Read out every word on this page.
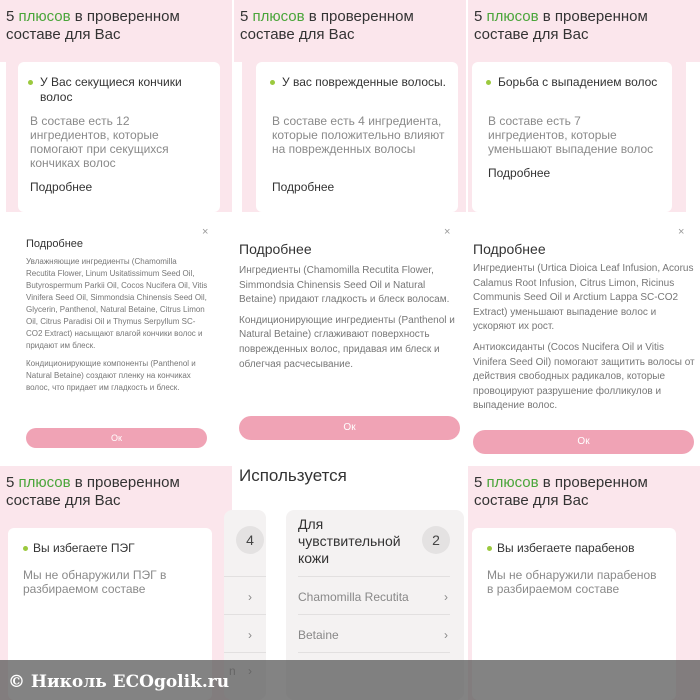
5 плюсов в проверенном
составе для Вас
У Вас секущиеся кончики волос
В составе есть 12 ингредиентов, которые помогают при секущихся кончиках волос
Подробнее
5 плюсов в проверенном
составе для Вас
У вас поврежденные волосы.
В составе есть 4 ингредиента, которые положительно влияют на поврежденных волосы
Подробнее
5 плюсов в проверенном
составе для Вас
Борьба с выпадением волос
В составе есть 7 ингредиентов, которые уменьшают выпадение волос
Подробнее
×
Подробнее

Увлажняющие ингредиенты (Chamomilla Recutita Flower, Linum Usitatissimum Seed Oil, Butyrospermum Parkii Oil, Cocos Nucifera Oil, Vitis Vinifera Seed Oil, Simmondsia Chinensis Seed Oil, Glycerin, Panthenol, Natural Betaine, Citrus Limon Oil, Citrus Paradisi Oil и Thymus Serpyllum SC-CO2 Extract) насыщают влагой кончики волос и придают им блеск.

Кондиционирующие компоненты (Panthenol и Natural Betaine) создают пленку на кончиках волос, что придает им гладкость и блеск.

Ок
×
Подробнее

Ингредиенты (Chamomilla Recutita Flower, Simmondsia Chinensis Seed Oil и Natural Betaine) придают гладкость и блеск волосам.

Кондиционирующие ингредиенты (Panthenol и Natural Betaine) сглаживают поверхность поврежденных волос, придавая им блеск и облегчая расчесывание.

Ок
×
Подробнее

Ингредиенты (Urtica Dioica Leaf Infusion, Acorus Calamus Root Infusion, Citrus Limon, Ricinus Communis Seed Oil и Arctium Lappa SC-CO2 Extract) уменьшают выпадение волос и ускоряют их рост.

Антиоксиданты (Cocos Nucifera Oil и Vitis Vinifera Seed Oil) помогают защитить волосы от действия свободных радикалов, которые провоцируют разрушение фолликулов и выпадение волос.

Ок
5 плюсов в проверенном
составе для Вас
Вы избегаете ПЭГ
Мы не обнаружили ПЭГ в разбираемом составе
Используется
4
›
›
Для чувствительной кожи
2
Chamomilla Recutita	›
Betaine	›
5 плюсов в проверенном
составе для Вас
Вы избегаете парабенов
Мы не обнаружили парабенов в разбираемом составе
© Николь ECOgolik.ru
